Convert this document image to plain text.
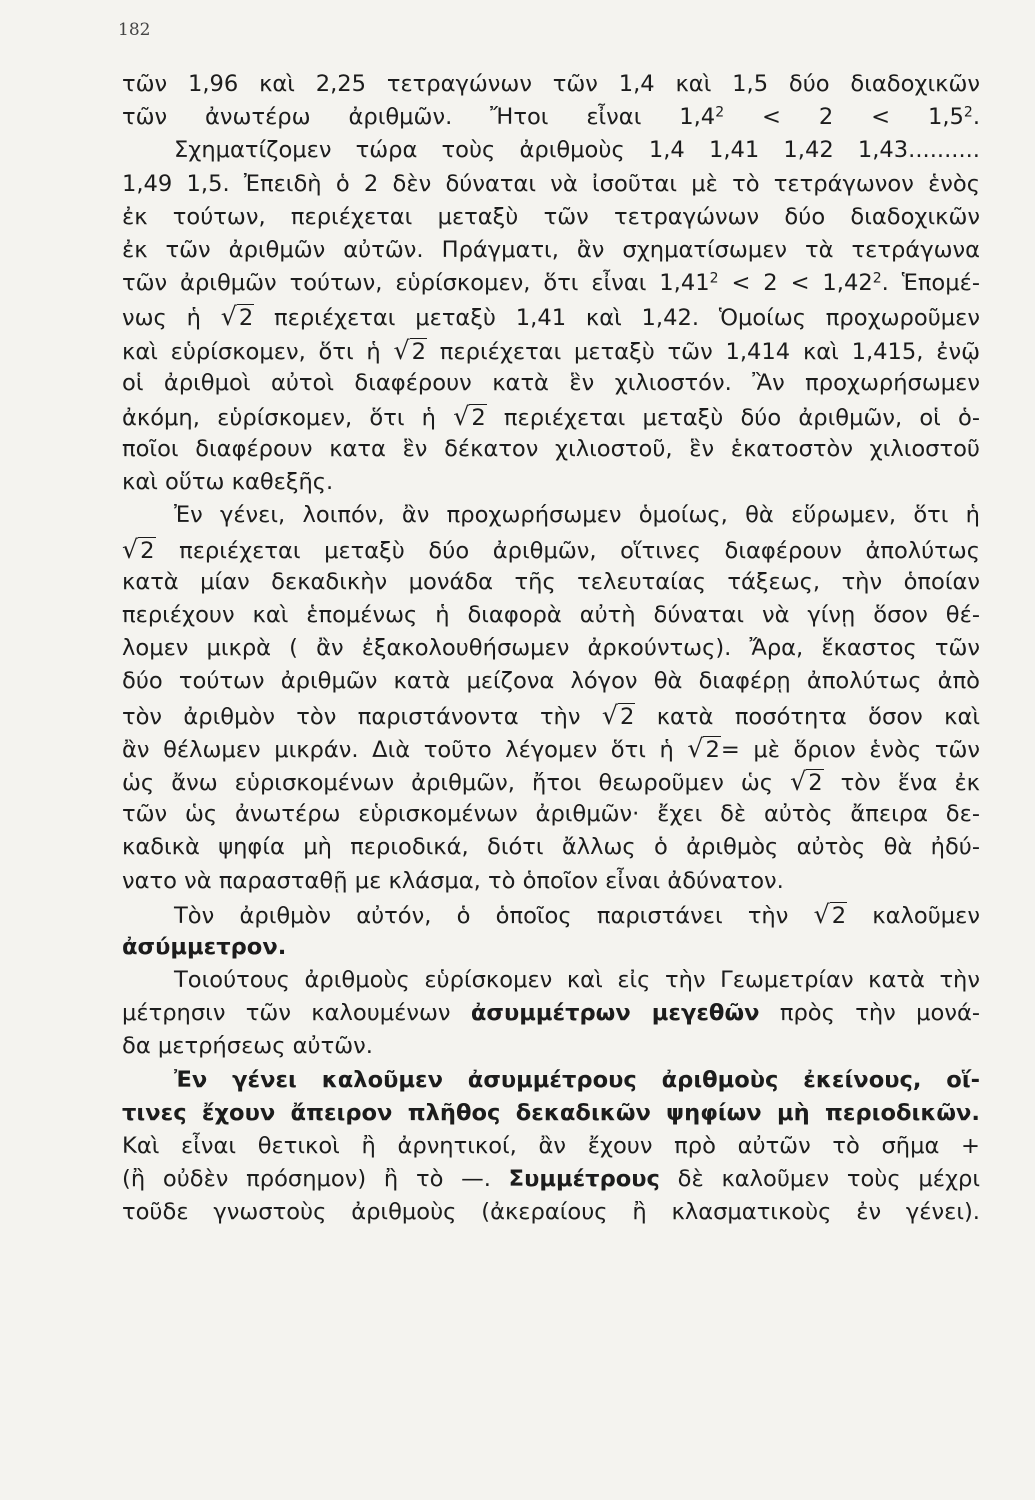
182
τῶν 1,96 καὶ 2,25 τετραγώνων τῶν 1,4 καὶ 1,5 δύο διαδοχικῶν
τῶν ἀνωτέρω ἀριθμῶν. Ἤτοι εἶναι $1,4^2 < 2 < 1,5^2$.
Σχηματίζομεν τώρα τοὺς ἀριθμοὺς 1,4 1,41 1,42 1,43..........
1,49 1,5. Ἐπειδὴ ὁ 2 δὲν δύναται νὰ ἰσοῦται μὲ τὸ τετράγωνον ἑνὸς
ἐκ τούτων, περιέχεται μεταξὺ τῶν τετραγώνων δύο διαδοχικῶν
ἐκ τῶν ἀριθμῶν αὐτῶν. Πράγματι, ἂν σχηματίσωμεν τὰ τετράγωνα
τῶν ἀριθμῶν τούτων, εὑρίσκομεν, ὅτι εἶναι $1,41^2 < 2 < 1,42^2$. Ἑπομέ-
νως ἡ √2 περιέχεται μεταξὺ 1,41 καὶ 1,42. Ὁμοίως προχωροῦμεν
καὶ εὑρίσκομεν, ὅτι ἡ √2 περιέχεται μεταξὺ τῶν 1,414 καὶ 1,415, ἐνῷ
οἱ ἀριθμοὶ αὐτοὶ διαφέρουν κατὰ ἓν χιλιοστόν. Ἂν προχωρήσωμεν
ἀκόμη, εὑρίσκομεν, ὅτι ἡ √2 περιέχεται μεταξὺ δύο ἀριθμῶν, οἱ ὁ-
ποῖοι διαφέρουν κατα ἓν δέκατον χιλιοστοῦ, ἓν ἑκατοστὸν χιλιοστοῦ
καὶ οὕτω καθεξῆς.
Ἐν γένει, λοιπόν, ἂν προχωρήσωμεν ὁμοίως, θὰ εὕρωμεν, ὅτι ἡ
√2 περιέχεται μεταξὺ δύο ἀριθμῶν, οἵτινες διαφέρουν ἀπολύτως
κατὰ μίαν δεκαδικὴν μονάδα τῆς τελευταίας τάξεως, τὴν ὁποίαν
περιέχουν καὶ ἑπομένως ἡ διαφορὰ αὐτὴ δύναται νὰ γίνῃ ὅσον θέ-
λομεν μικρὰ ( ἂν ἐξακολουθήσωμεν ἀρκούντως). Ἄρα, ἕκαστος τῶν
δύο τούτων ἀριθμῶν κατὰ μείζονα λόγον θὰ διαφέρῃ ἀπολύτως ἀπὸ
τὸν ἀριθμὸν τὸν παριστάνοντα τὴν √2 κατὰ ποσότητα ὅσον καὶ
ἂν θέλωμεν μικράν. Διὰ τοῦτο λέγομεν ὅτι ἡ √2= μὲ ὅριον ἑνὸς τῶν
ὡς ἄνω εὑρισκομένων ἀριθμῶν, ἤτοι θεωροῦμεν ὡς √2 τὸν ἕνα ἐκ
τῶν ὡς ἀνωτέρω εὑρισκομένων ἀριθμῶν· ἔχει δὲ αὐτὸς ἄπειρα δε-
καδικὰ ψηφία μὴ περιοδικά, διότι ἄλλως ὁ ἀριθμὸς αὐτὸς θὰ ἠδύ-
νατο νὰ παρασταθῇ με κλάσμα, τὸ ὁποῖον εἶναι ἀδύνατον.
Τὸν ἀριθμὸν αὐτόν, ὁ ὁποῖος παριστάνει τὴν √2 καλοῦμεν
ἀσύμμετρον.
Τοιούτους ἀριθμοὺς εὑρίσκομεν καὶ εἰς τὴν Γεωμετρίαν κατὰ τὴν
μέτρησιν τῶν καλουμένων ἀσυμμέτρων μεγεθῶν πρὸς τὴν μονά-
δα μετρήσεως αὐτῶν.
Ἐν γένει καλοῦμεν ἀσυμμέτρους ἀριθμοὺς ἐκείνους, οἵ-
τινες ἔχουν ἄπειρον πλῆθος δεκαδικῶν ψηφίων μὴ περιοδικῶν.
Καὶ εἶναι θετικοὶ ἢ ἀρνητικοί, ἂν ἔχουν πρὸ αὐτῶν τὸ σῆμα +
(ἢ οὐδὲν πρόσημον) ἢ τὸ —. Συμμέτρους δὲ καλοῦμεν τοὺς μέχρι
τοῦδε γνωστοὺς ἀριθμοὺς (ἀκεραίους ἢ κλασματικοὺς ἐν γένει).
